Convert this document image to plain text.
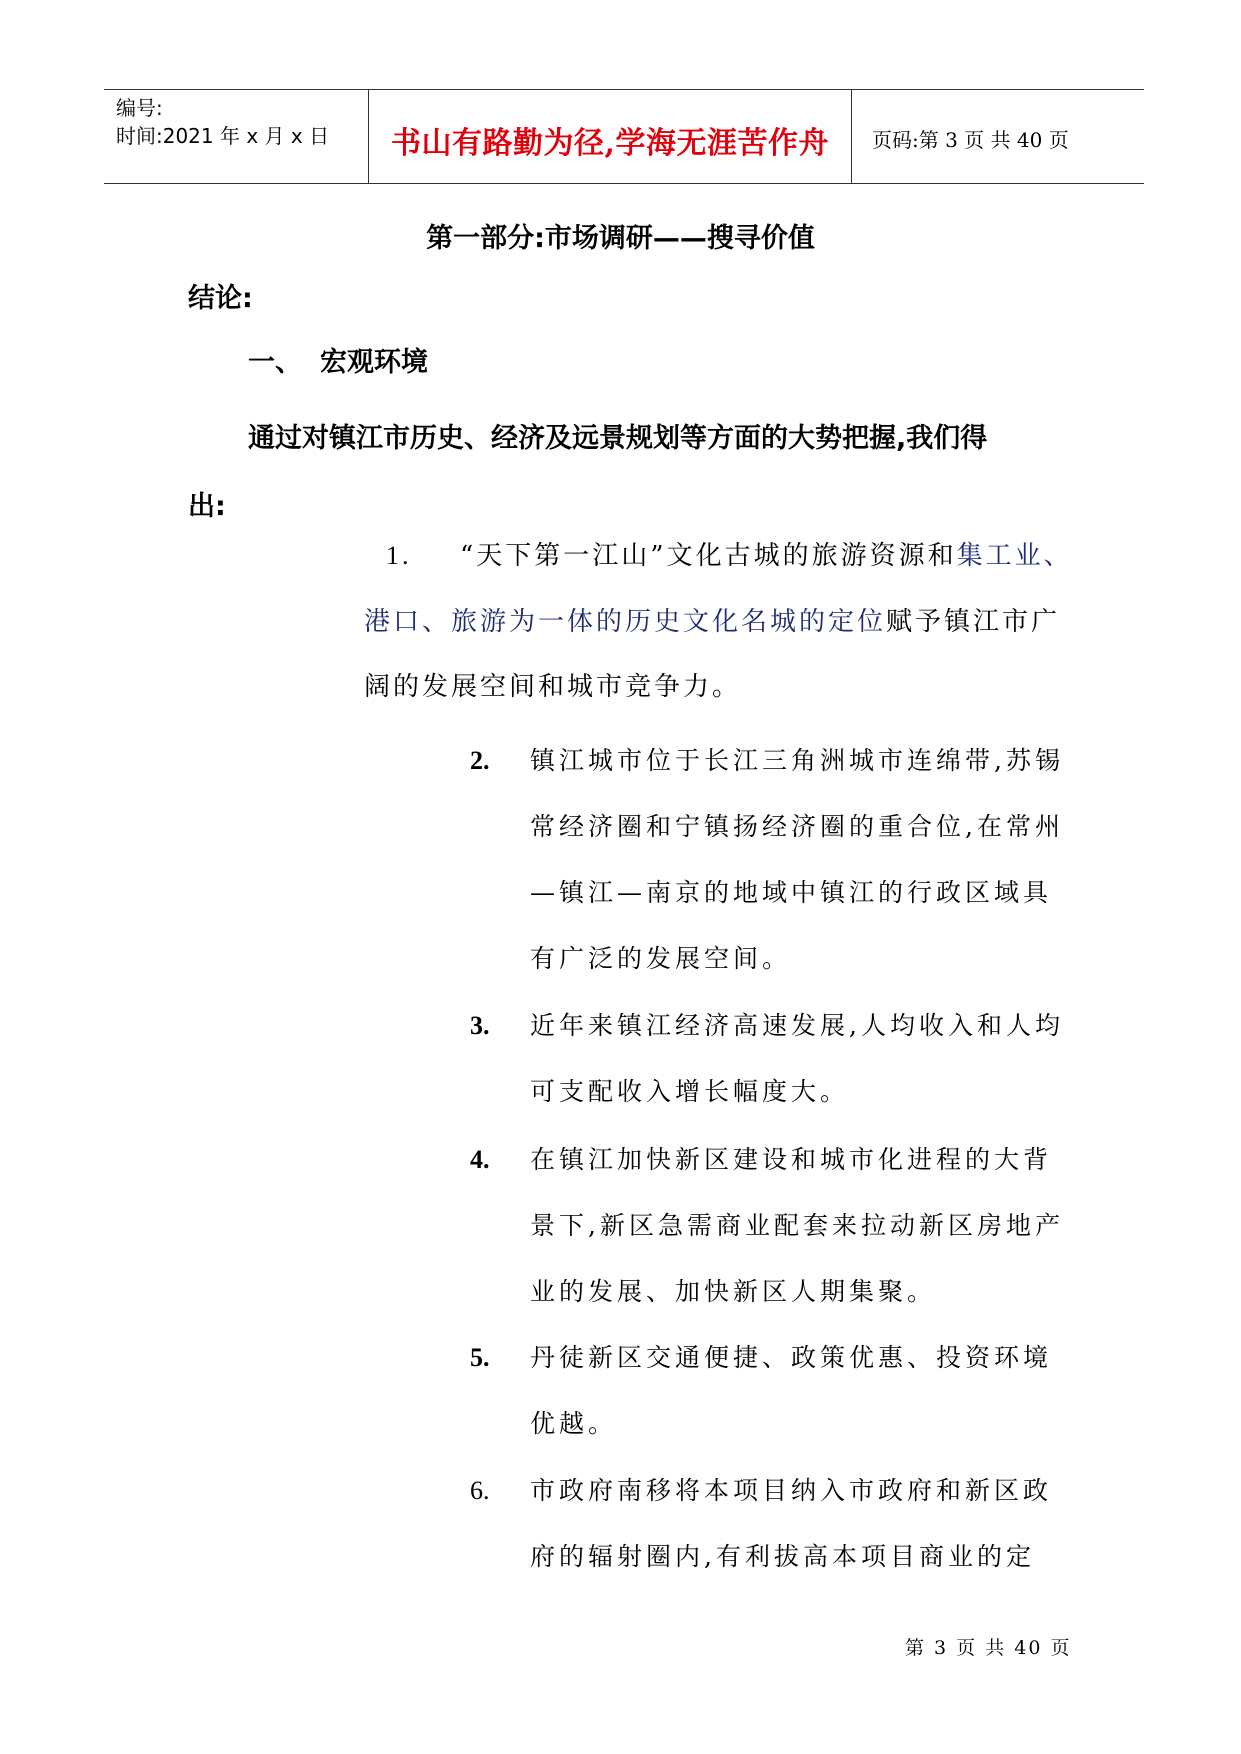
编号:
时间:2021 年 x 月 x 日	书山有路勤为径,学海无涯苦作舟	页码:第 3 页 共 40 页
第一部分:市场调研——搜寻价值
结论:
一、 宏观环境
通过对镇江市历史、经济及远景规划等方面的大势把握,我们得
出:
1. “天下第一江山”文化古城的旅游资源和集工业、
港口、旅游为一体的历史文化名城的定位赋予镇江市广
阔的发展空间和城市竞争力。
2.	镇江城市位于长江三角洲城市连绵带,苏锡常经济圈和宁镇扬经济圈的重合位,在常州—镇江—南京的地域中镇江的行政区域具有广泛的发展空间。
3.	近年来镇江经济高速发展,人均收入和人均可支配收入增长幅度大。
4.	在镇江加快新区建设和城市化进程的大背景下,新区急需商业配套来拉动新区房地产业的发展、加快新区人期集聚。
5.	丹徒新区交通便捷、政策优惠、投资环境优越。
6.	市政府南移将本项目纳入市政府和新区政府的辐射圈内,有利拔高本项目商业的定
第 3 页 共 40 页
